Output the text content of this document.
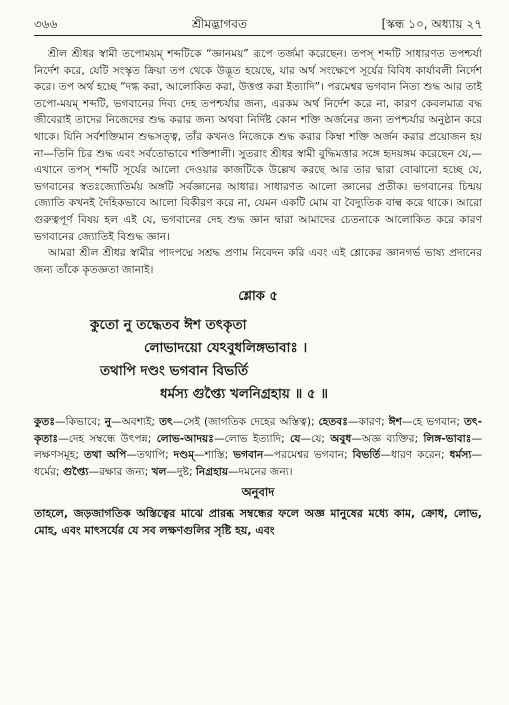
৩৬৬	শ্রীমদ্ভাগবত	[স্কন্ধ ১০, অধ্যায় ২৭

শ্রীল শ্রীধর স্বামী তপোময়ম্ শব্দটিকে “জ্ঞানময়” রূপে তর্জমা করেছেন। তপস্ শব্দটি সাধারণত তপশ্চর্যা নির্দেশ করে, যেটি সংস্কৃত ক্রিয়া তপ থেকে উদ্ভূত হয়েছে, যার অর্থ সংক্ষেপে সূর্যের বিবিধ কার্যাবলী নির্দেশ করে। তপ অর্থ হচ্ছে “দগ্ধ করা, আলোকিত করা, উত্তপ্ত করা ইত্যাদি”। পরমেশ্বর ভগবান নিত্য শুদ্ধ আর তাই তপো-ময়ম্ শব্দটি, ভগবানের দিব্য দেহ তপশ্চর্যার জন্য, এরকম অর্থ নির্দেশ করে না, কারণ কেবলমাত্র বদ্ধ জীবেরাই তাদের নিজেদের শুদ্ধ করার জন্য অথবা নির্দিষ্ট কোন শক্তি অর্জনের জন্য তপশ্চর্যার অনুষ্ঠান করে থাকে। যিনি সর্বশক্তিমান শুদ্ধসত্ত্ব, তাঁর কখনও নিজেকে শুদ্ধ করার কিম্বা শক্তি অর্জন করার প্রয়োজন হয় না—তিনি চির শুদ্ধ এবং সর্বতোভাবে শক্তিশালী। সুতরাং শ্রীধর স্বামী বুদ্ধিমত্তার সঙ্গে হৃদয়ঙ্গম করেছেন যে,—এখানে তপস্ শব্দটি সূর্যের আলো দেওয়ার কাজটিকে উল্লেখ করছে আর তার দ্বারা বোঝানো হচ্ছে যে, ভগবানের স্বতঃজ্যোতির্ময় অঙ্গটি সর্বজ্ঞানের আধার। সাধারণত আলো জ্ঞানের প্রতীক। ভগবানের চিন্ময় জ্যোতি কখনই দৈহিকভাবে আলো বিকীরণ করে না, যেমন একটি মোম বা বৈদ্যুতিক বাল্ব করে থাকে। আরো গুরুত্বপূর্ণ বিষয় হল এই যে, ভগবানের দেহ শুদ্ধ জ্ঞান দ্বারা আমাদের চেতনাকে আলোকিত করে কারণ ভগবানের জ্যোতিই বিশুদ্ধ জ্ঞান।

আমরা শ্রীল শ্রীধর স্বামীর পাদপদ্মে সশ্রদ্ধ প্রণাম নিবেদন করি এবং এই শ্লোকের জ্ঞানগর্ভ ভাষ্য প্রদানের জন্য তাঁকে কৃতজ্ঞতা জানাই।

শ্লোক ৫
কুতো নু তদ্ধেতব ঈশ তৎকৃতা
লোভাদয়ো যেঽবুধলিঙ্গভাবাঃ ।
তথাপি দণ্ডং ভগবান বিভর্তি
ধর্মস্য গুপ্ত্যৈ খলনিগ্রহায় ॥ ৫ ॥

কুতঃ—কিভাবে; নু—অবশ্যই; তৎ—সেই (জাগতিক দেহের অস্তিত্ব); হেতবঃ—কারণ; ঈশ—হে ভগবান; তৎ-কৃতাঃ—দেহ সম্বন্ধে উৎপন্ন; লোভ-আদয়ঃ—লোভ ইত্যাদি; যে—যে; অবুধ—অজ্ঞ ব্যক্তির; লিঙ্গ-ভাবাঃ—লক্ষণসমূহ; তথা অপি—তথাপি; দণ্ডম্—শাস্তি; ভগবান—পরমেশ্বর ভগবান; বিভর্তি—ধারণ করেন; ধর্মস্য—ধর্মের; গুপ্ত্যৈ—রক্ষার জন্য; খল—দুষ্ট; নিগ্রহায়—দমনের জন্য।

অনুবাদ

তাহলে, জড়জাগতিক অস্তিত্বের মাঝে প্রারব্ধ সম্বন্ধের ফলে অজ্ঞ মানুষের মধ্যে কাম, ক্রোধ, লোভ, মোহ, এবং মাৎসর্যের যে সব লক্ষণগুলির সৃষ্টি হয়, এবং
